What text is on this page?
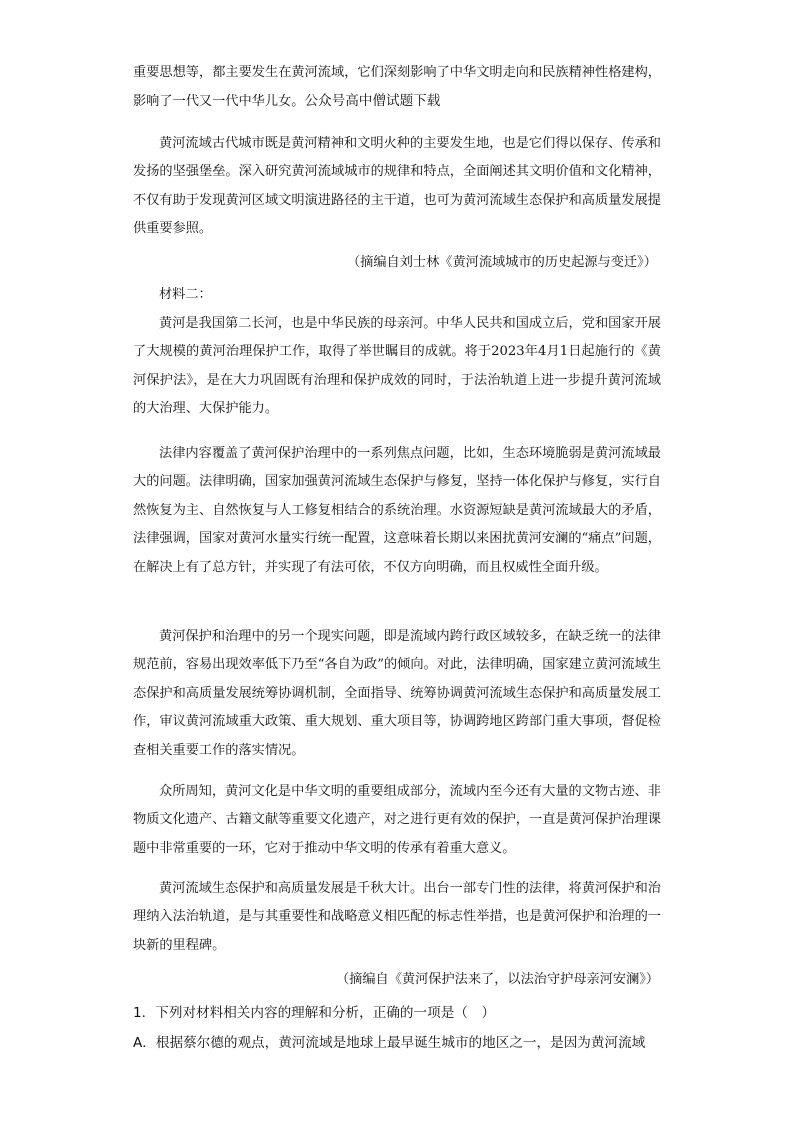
重要思想等，都主要发生在黄河流域，它们深刻影响了中华文明走向和民族精神性格建构，影响了一代又一代中华儿女。公众号高中僧试题下载
黄河流域古代城市既是黄河精神和文明火种的主要发生地，也是它们得以保存、传承和发扬的坚强堡垒。深入研究黄河流域城市的规律和特点，全面阐述其文明价值和文化精神，不仅有助于发现黄河区域文明演进路径的主干道，也可为黄河流域生态保护和高质量发展提供重要参照。
（摘编自刘士林《黄河流域城市的历史起源与变迁》）
材料二：
黄河是我国第二长河，也是中华民族的母亲河。中华人民共和国成立后，党和国家开展了大规模的黄河治理保护工作，取得了举世瞩目的成就。将于2023年4月1日起施行的《黄河保护法》，是在大力巩固既有治理和保护成效的同时，于法治轨道上进一步提升黄河流域的大治理、大保护能力。
法律内容覆盖了黄河保护治理中的一系列焦点问题，比如，生态环境脆弱是黄河流域最大的问题。法律明确，国家加强黄河流域生态保护与修复，坚持一体化保护与修复，实行自然恢复为主、自然恢复与人工修复相结合的系统治理。水资源短缺是黄河流域最大的矛盾，法律强调，国家对黄河水量实行统一配置，这意味着长期以来困扰黄河安澜的“痛点”问题，在解决上有了总方针，并实现了有法可依，不仅方向明确，而且权威性全面升级。
黄河保护和治理中的另一个现实问题，即是流域内跨行政区域较多，在缺乏统一的法律规范前，容易出现效率低下乃至“各自为政”的倾向。对此，法律明确，国家建立黄河流域生态保护和高质量发展统筹协调机制，全面指导、统筹协调黄河流域生态保护和高质量发展工作，审议黄河流域重大政策、重大规划、重大项目等，协调跨地区跨部门重大事项，督促检查相关重要工作的落实情况。
众所周知，黄河文化是中华文明的重要组成部分，流域内至今还有大量的文物古迹、非物质文化遗产、古籍文献等重要文化遗产，对之进行更有效的保护，一直是黄河保护治理课题中非常重要的一环，它对于推动中华文明的传承有着重大意义。
黄河流域生态保护和高质量发展是千秋大计。出台一部专门性的法律，将黄河保护和治理纳入法治轨道，是与其重要性和战略意义相匹配的标志性举措，也是黄河保护和治理的一块新的里程碑。
（摘编自《黄河保护法来了，以法治守护母亲河安澜》）
1．下列对材料相关内容的理解和分析，正确的一项是（　）
A．根据蔡尔德的观点，黄河流域是地球上最早诞生城市的地区之一，是因为黄河流域
